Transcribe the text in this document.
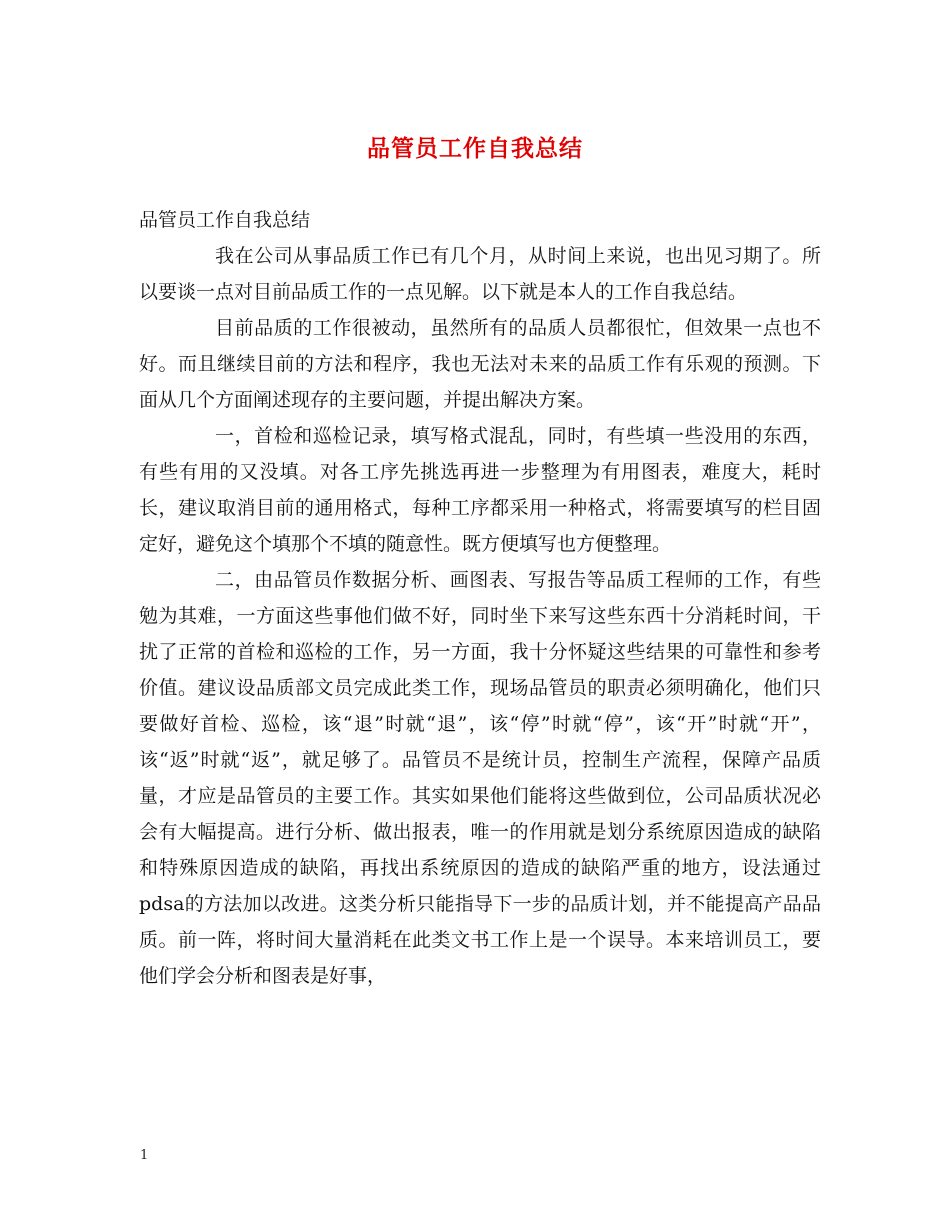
品管员工作自我总结

品管员工作自我总结

我在公司从事品质工作已有几个月，从时间上来说，也出见习期了。所以要谈一点对目前品质工作的一点见解。以下就是本人的工作自我总结。

目前品质的工作很被动，虽然所有的品质人员都很忙，但效果一点也不好。而且继续目前的方法和程序，我也无法对未来的品质工作有乐观的预测。下面从几个方面阐述现存的主要问题，并提出解决方案。

一，首检和巡检记录，填写格式混乱，同时，有些填一些没用的东西，有些有用的又没填。对各工序先挑选再进一步整理为有用图表，难度大，耗时长，建议取消目前的通用格式，每种工序都采用一种格式，将需要填写的栏目固定好，避免这个填那个不填的随意性。既方便填写也方便整理。

二，由品管员作数据分析、画图表、写报告等品质工程师的工作，有些勉为其难，一方面这些事他们做不好，同时坐下来写这些东西十分消耗时间，干扰了正常的首检和巡检的工作，另一方面，我十分怀疑这些结果的可靠性和参考价值。建议设品质部文员完成此类工作，现场品管员的职责必须明确化，他们只要做好首检、巡检，该“退”时就“退”，该“停”时就“停”，该“开”时就“开”，该“返”时就“返”，就足够了。品管员不是统计员，控制生产流程，保障产品质量，才应是品管员的主要工作。其实如果他们能将这些做到位，公司品质状况必会有大幅提高。进行分析、做出报表，唯一的作用就是划分系统原因造成的缺陷和特殊原因造成的缺陷，再找出系统原因的造成的缺陷严重的地方，设法通过pdsa的方法加以改进。这类分析只能指导下一步的品质计划，并不能提高产品品质。前一阵，将时间大量消耗在此类文书工作上是一个误导。本来培训员工，要他们学会分析和图表是好事，

1
